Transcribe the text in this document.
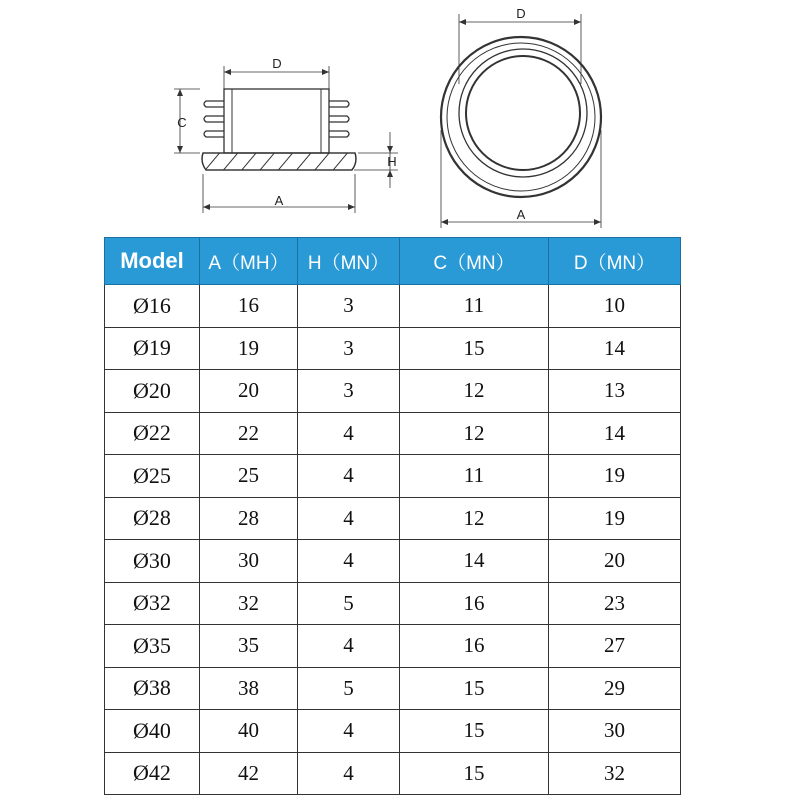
D
C
H
A
D
A
Model	A（MH）	H（MN）	C（MN）	D（MN）
Ø16	16	3	11	10
Ø19	19	3	15	14
Ø20	20	3	12	13
Ø22	22	4	12	14
Ø25	25	4	11	19
Ø28	28	4	12	19
Ø30	30	4	14	20
Ø32	32	5	16	23
Ø35	35	4	16	27
Ø38	38	5	15	29
Ø40	40	4	15	30
Ø42	42	4	15	32
